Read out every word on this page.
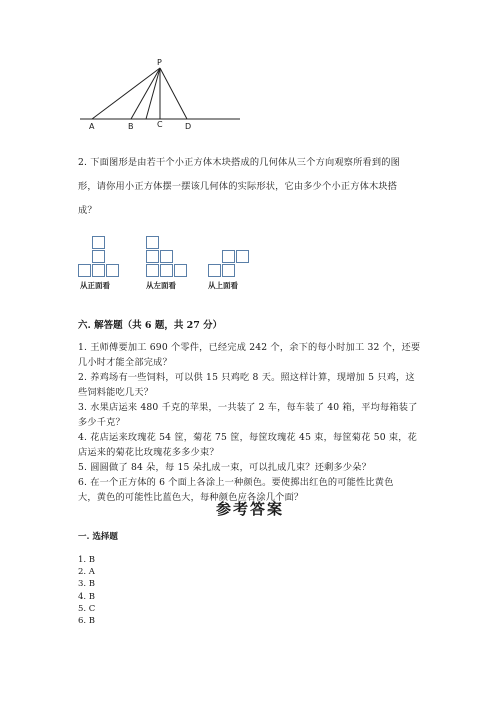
P
A	B	C	D
2. 下面图形是由若干个小正方体木块搭成的几何体从三个方向观察所看到的图
形，请你用小正方体摆一摆该几何体的实际形状，它由多少个小正方体木块搭
成？
从正面看	从左面看	从上面看
六. 解答题（共 6 题，共 27 分）
1. 王师傅要加工 690 个零件，已经完成 242 个，余下的每小时加工 32 个，还要
几小时才能全部完成？
2. 养鸡场有一些饲料，可以供 15 只鸡吃 8 天。照这样计算，现增加 5 只鸡，这
些饲料能吃几天？
3. 水果店运来 480 千克的苹果，一共装了 2 车，每车装了 40 箱，平均每箱装了
多少千克？
4. 花店运来玫瑰花 54 筐，菊花 75 筐，每筐玫瑰花 45 束，每筐菊花 50 束，花
店运来的菊花比玫瑰花多多少束？
5. 圆圆做了 84 朵，每 15 朵扎成一束，可以扎成几束？还剩多少朵？
6. 在一个正方体的 6 个面上各涂上一种颜色。要使掷出红色的可能性比黄色
大，黄色的可能性比蓝色大，每种颜色应各涂几个面？
参考答案
一. 选择题
1. B
2. A
3. B
4. B
5. C
6. B
